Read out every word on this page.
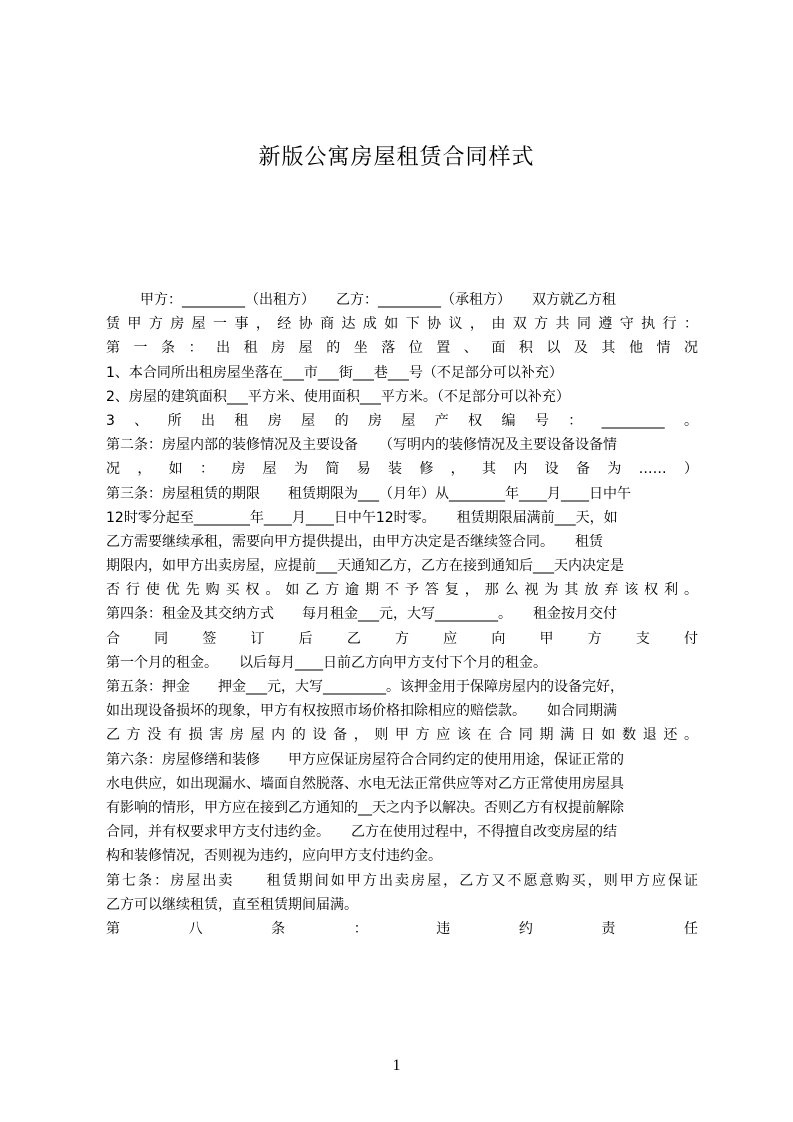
新版公寓房屋租赁合同样式
甲方：_________（出租方）　　乙方：_________（承租方）　　双方就乙方租
赁甲方房屋一事，经协商达成如下协议，由双方共同遵守执行：
第一条：出租房屋的坐落位置、面积以及其他情况
1、本合同所出租房屋坐落在___市___街___巷___号（不足部分可以补充）
2、房屋的建筑面积___平方米、使用面积___平方米。（不足部分可以补充）
3、所出租房屋的房屋产权编号：_________。
第二条：房屋内部的装修情况及主要设备　　（写明内的装修情况及主要设备设备情
况，如：房屋为简易装修，其内设备为……）
第三条：房屋租赁的期限　　租赁期限为___（月年）从________年____月____日中午
12时零分起至________年____月____日中午12时零。　　租赁期限届满前___天，如
乙方需要继续承租，需要向甲方提供提出，由甲方决定是否继续签合同。　　租赁
期限内，如甲方出卖房屋，应提前___天通知乙方，乙方在接到通知后___天内决定是
否行使优先购买权。如乙方逾期不予答复，那么视为其放弃该权利。
第四条：租金及其交纳方式　　每月租金___元，大写_________。　　租金按月交付
合同签订后乙方应向甲方支付
第一个月的租金。　　以后每月____日前乙方向甲方支付下个月的租金。
第五条：押金　　押金___元，大写_________。该押金用于保障房屋内的设备完好，
如出现设备损坏的现象，甲方有权按照市场价格扣除相应的赔偿款。　　如合同期满
乙方没有损害房屋内的设备，则甲方应该在合同期满日如数退还。
第六条：房屋修缮和装修　　甲方应保证房屋符合合同约定的使用用途，保证正常的
水电供应，如出现漏水、墙面自然脱落、水电无法正常供应等对乙方正常使用房屋具
有影响的情形，甲方应在接到乙方通知的__天之内予以解决。否则乙方有权提前解除
合同，并有权要求甲方支付违约金。　　乙方在使用过程中，不得擅自改变房屋的结
构和装修情况，否则视为违约，应向甲方支付违约金。
第七条：房屋出卖　　租赁期间如甲方出卖房屋，乙方又不愿意购买，则甲方应保证
乙方可以继续租赁，直至租赁期间届满。
第八条：违约责任
1
